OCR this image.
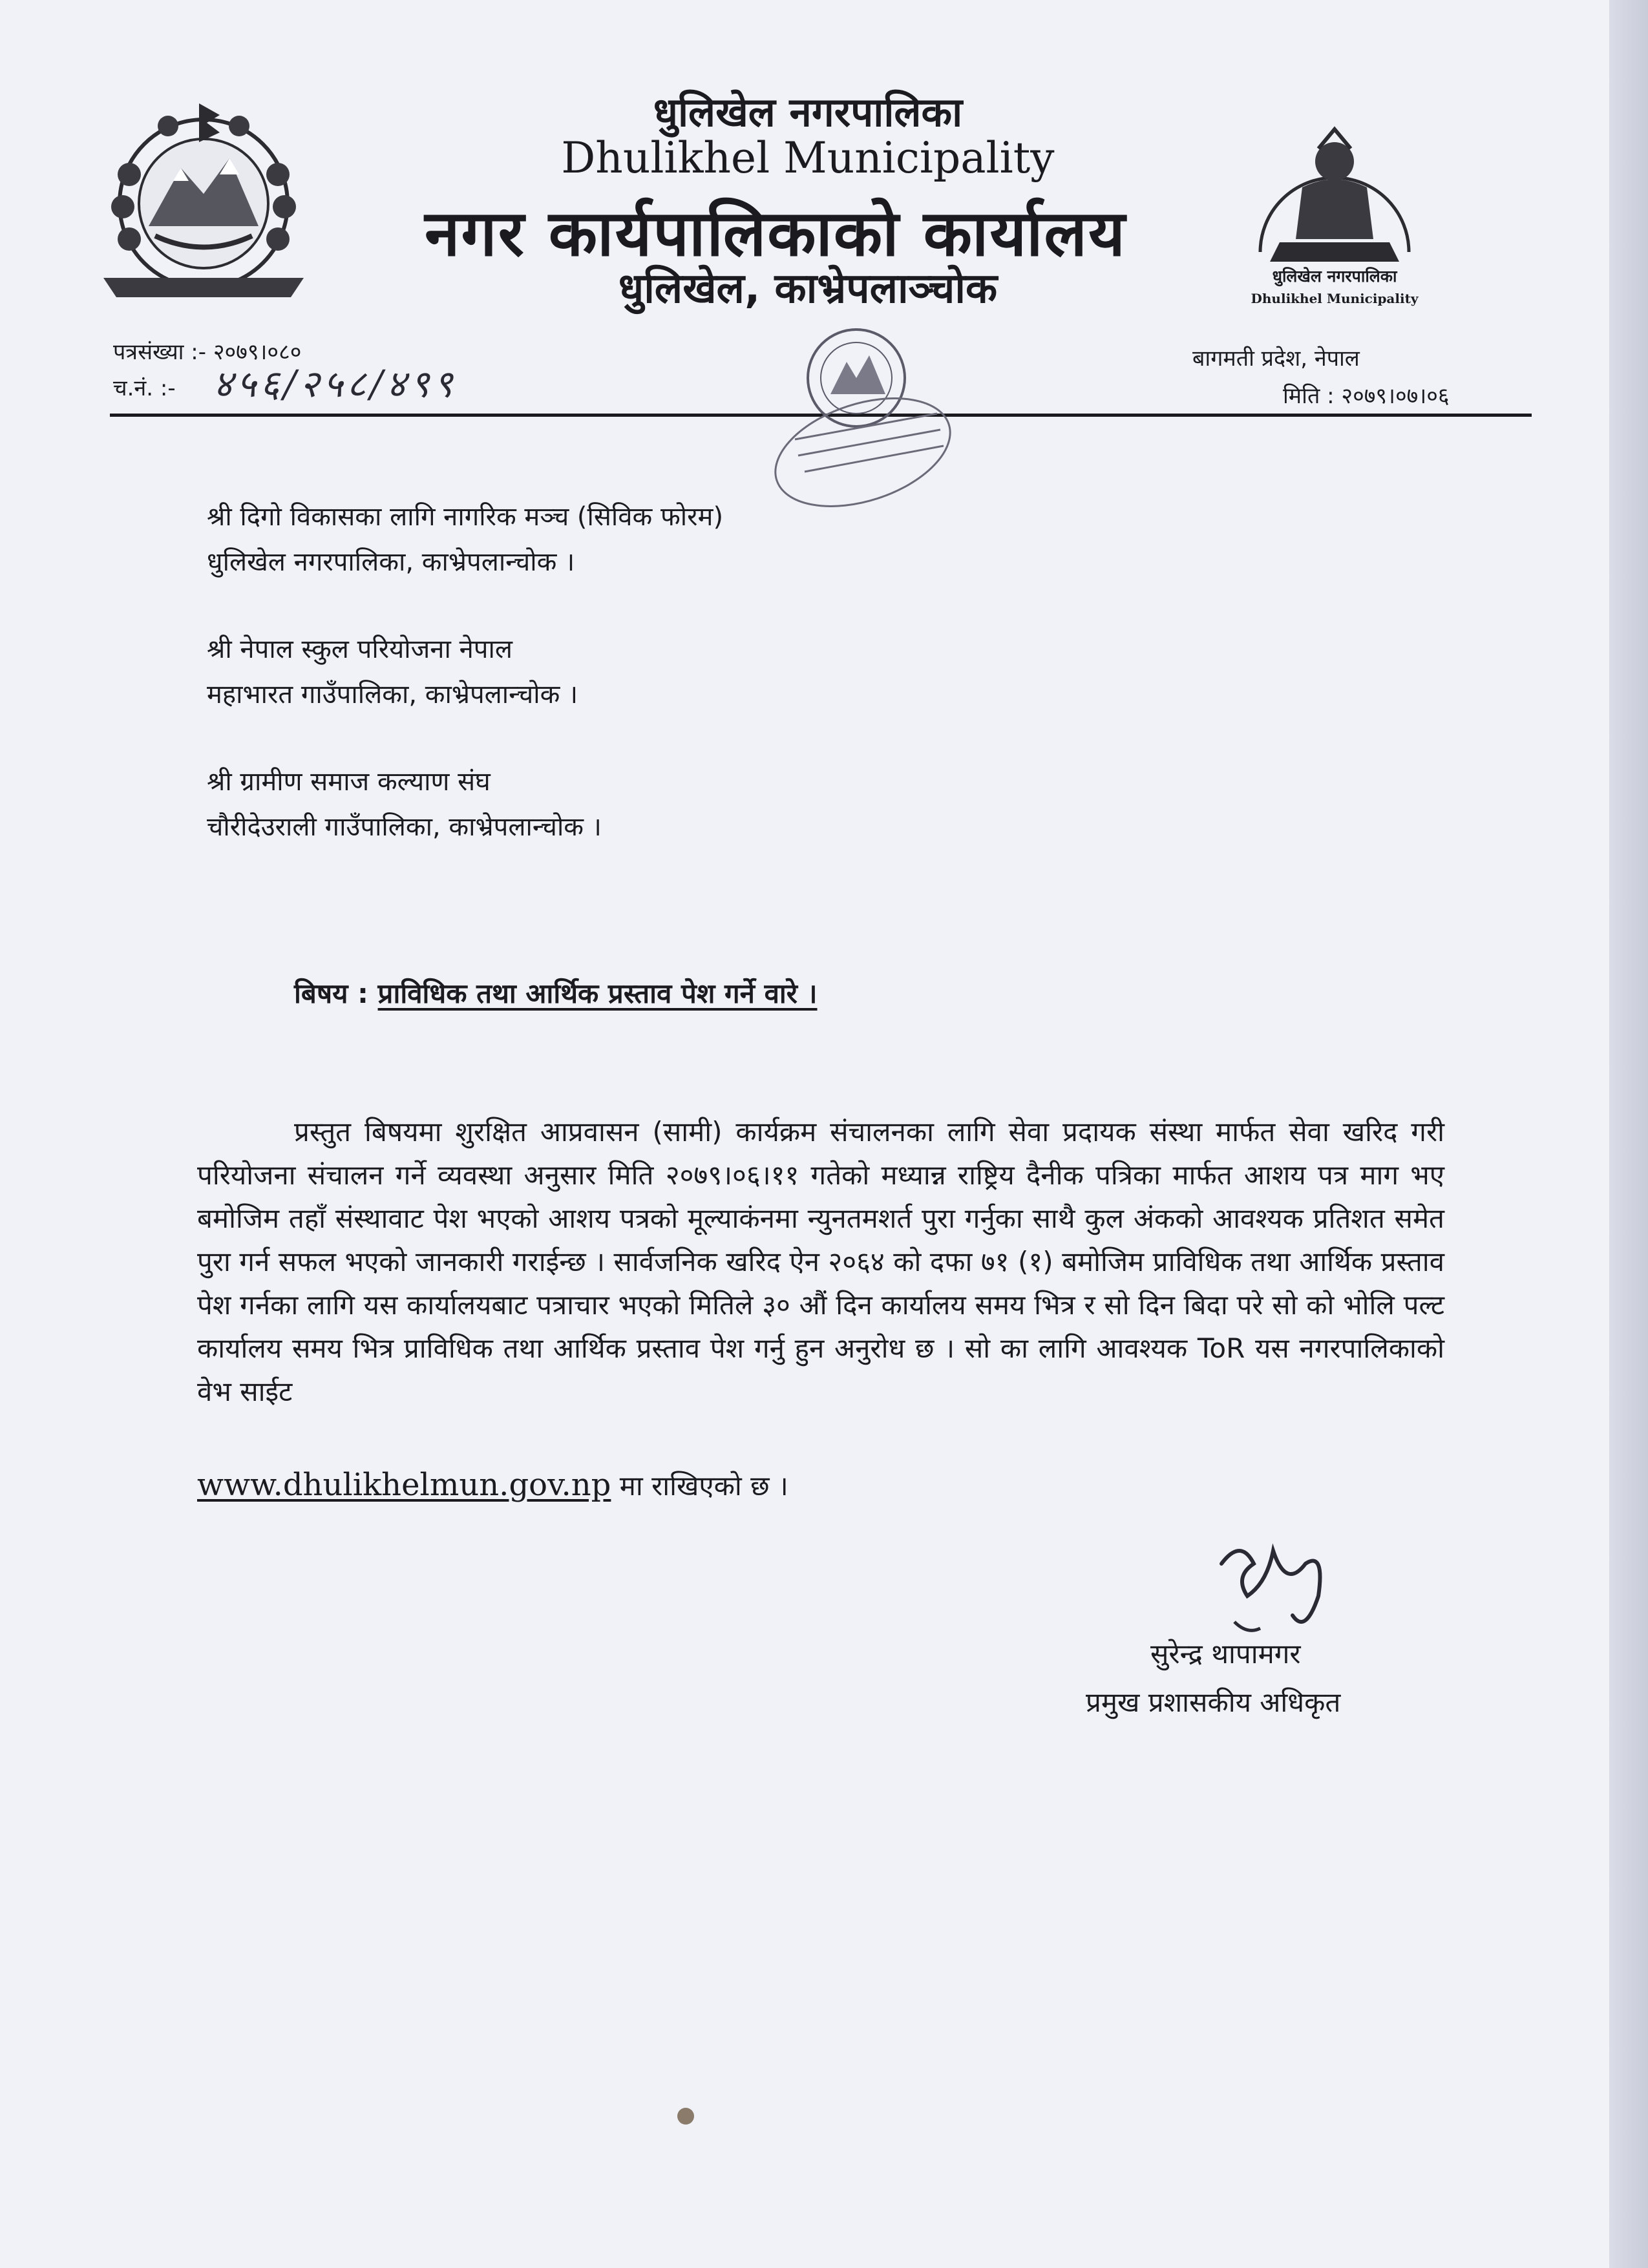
धुलिखेल नगरपालिका
Dhulikhel Municipality
नगर कार्यपालिकाको कार्यालय
धुलिखेल, काभ्रेपलाञ्चोक	धुलिखेल नगरपालिका
Dhulikhel Municipality
पत्रसंख्या :- २०७९।०८०
च.नं. :- ४५६/२५८/४९९
बागमती प्रदेश, नेपाल
मिति : २०७९।०७।०६
श्री दिगो विकासका लागि नागरिक मञ्च (सिविक फोरम)
धुलिखेल नगरपालिका, काभ्रेपलान्चोक ।
श्री नेपाल स्कुल परियोजना नेपाल
महाभारत गाउँपालिका, काभ्रेपलान्चोक ।
श्री ग्रामीण समाज कल्याण संघ
चौरीदेउराली गाउँपालिका, काभ्रेपलान्चोक ।
बिषय : प्राविधिक तथा आर्थिक प्रस्ताव पेश गर्ने वारे ।
प्रस्तुत बिषयमा शुरक्षित आप्रवासन (सामी) कार्यक्रम संचालनका लागि सेवा प्रदायक संस्था मार्फत सेवा खरिद गरी परियोजना संचालन गर्ने व्यवस्था अनुसार मिति २०७९।०६।११ गतेको मध्यान्न राष्ट्रिय दैनीक पत्रिका मार्फत आशय पत्र माग भए बमोजिम तहाँ संस्थावाट पेश भएको आशय पत्रको मूल्याकंनमा न्युनतमशर्त पुरा गर्नुका साथै कुल अंकको आवश्यक प्रतिशत समेत पुरा गर्न सफल भएको जानकारी गराईन्छ । सार्वजनिक खरिद ऐन २०६४ को दफा ७१ (१) बमोजिम प्राविधिक तथा आर्थिक प्रस्ताव पेश गर्नका लागि यस कार्यालयबाट पत्राचार भएको मितिले ३० औं दिन कार्यालय समय भित्र र सो दिन बिदा परे सो को भोलि पल्ट कार्यालय समय भित्र प्राविधिक तथा आर्थिक प्रस्ताव पेश गर्नु हुन अनुरोध छ । सो का लागि आवश्यक ToR यस नगरपालिकाको वेभ साईट
www.dhulikhelmun.gov.np मा राखिएको छ ।
सुरेन्द्र थापामगर
प्रमुख प्रशासकीय अधिकृत
